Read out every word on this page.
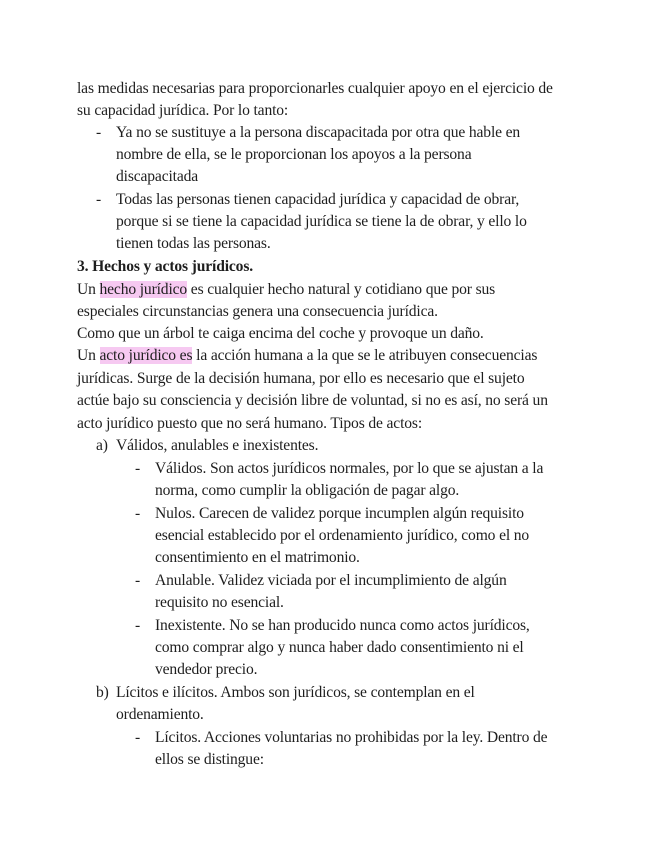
las medidas necesarias para proporcionarles cualquier apoyo en el ejercicio de
su capacidad jurídica. Por lo tanto:
- Ya no se sustituye a la persona discapacitada por otra que hable en
nombre de ella, se le proporcionan los apoyos a la persona
discapacitada
- Todas las personas tienen capacidad jurídica y capacidad de obrar,
porque si se tiene la capacidad jurídica se tiene la de obrar, y ello lo
tienen todas las personas.
3. Hechos y actos jurídicos.
Un hecho jurídico es cualquier hecho natural y cotidiano que por sus
especiales circunstancias genera una consecuencia jurídica.
Como que un árbol te caiga encima del coche y provoque un daño.
Un acto jurídico es la acción humana a la que se le atribuyen consecuencias
jurídicas. Surge de la decisión humana, por ello es necesario que el sujeto
actúe bajo su consciencia y decisión libre de voluntad, si no es así, no será un
acto jurídico puesto que no será humano. Tipos de actos:
a) Válidos, anulables e inexistentes.
- Válidos. Son actos jurídicos normales, por lo que se ajustan a la
norma, como cumplir la obligación de pagar algo.
- Nulos. Carecen de validez porque incumplen algún requisito
esencial establecido por el ordenamiento jurídico, como el no
consentimiento en el matrimonio.
- Anulable. Validez viciada por el incumplimiento de algún
requisito no esencial.
- Inexistente. No se han producido nunca como actos jurídicos,
como comprar algo y nunca haber dado consentimiento ni el
vendedor precio.
b) Lícitos e ilícitos. Ambos son jurídicos, se contemplan en el
ordenamiento.
- Lícitos. Acciones voluntarias no prohibidas por la ley. Dentro de
ellos se distingue:
